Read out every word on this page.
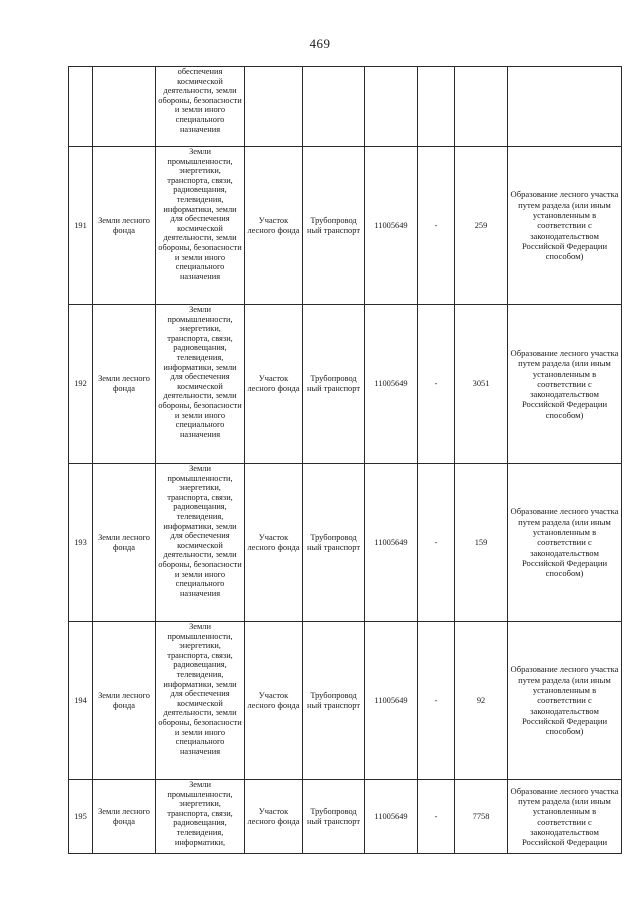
469
		обеспечения космической деятельности, земли обороны, безопасности и земли иного специального назначения						
191	Земли лесного фонда	Земли промышленности, энергетики, транспорта, связи, радиовещания, телевидения, информатики, земли для обеспечения космической деятельности, земли обороны, безопасности и земли иного специального назначения	Участок лесного фонда	Трубопровод ный транспорт	11005649	-	259	Образование лесного участка путем раздела (или иным установленным в соответствии с законодательством Российской Федерации способом)
192	Земли лесного фонда	Земли промышленности, энергетики, транспорта, связи, радиовещания, телевидения, информатики, земли для обеспечения космической деятельности, земли обороны, безопасности и земли иного специального назначения	Участок лесного фонда	Трубопровод ный транспорт	11005649	-	3051	Образование лесного участка путем раздела (или иным установленным в соответствии с законодательством Российской Федерации способом)
193	Земли лесного фонда	Земли промышленности, энергетики, транспорта, связи, радиовещания, телевидения, информатики, земли для обеспечения космической деятельности, земли обороны, безопасности и земли иного специального назначения	Участок лесного фонда	Трубопровод ный транспорт	11005649	-	159	Образование лесного участка путем раздела (или иным установленным в соответствии с законодательством Российской Федерации способом)
194	Земли лесного фонда	Земли промышленности, энергетики, транспорта, связи, радиовещания, телевидения, информатики, земли для обеспечения космической деятельности, земли обороны, безопасности и земли иного специального назначения	Участок лесного фонда	Трубопровод ный транспорт	11005649	-	92	Образование лесного участка путем раздела (или иным установленным в соответствии с законодательством Российской Федерации способом)
195	Земли лесного фонда	Земли промышленности, энергетики, транспорта, связи, радиовещания, телевидения, информатики,	Участок лесного фонда	Трубопровод ный транспорт	11005649	-	7758	Образование лесного участка путем раздела (или иным установленным в соответствии с законодательством Российской Федерации
